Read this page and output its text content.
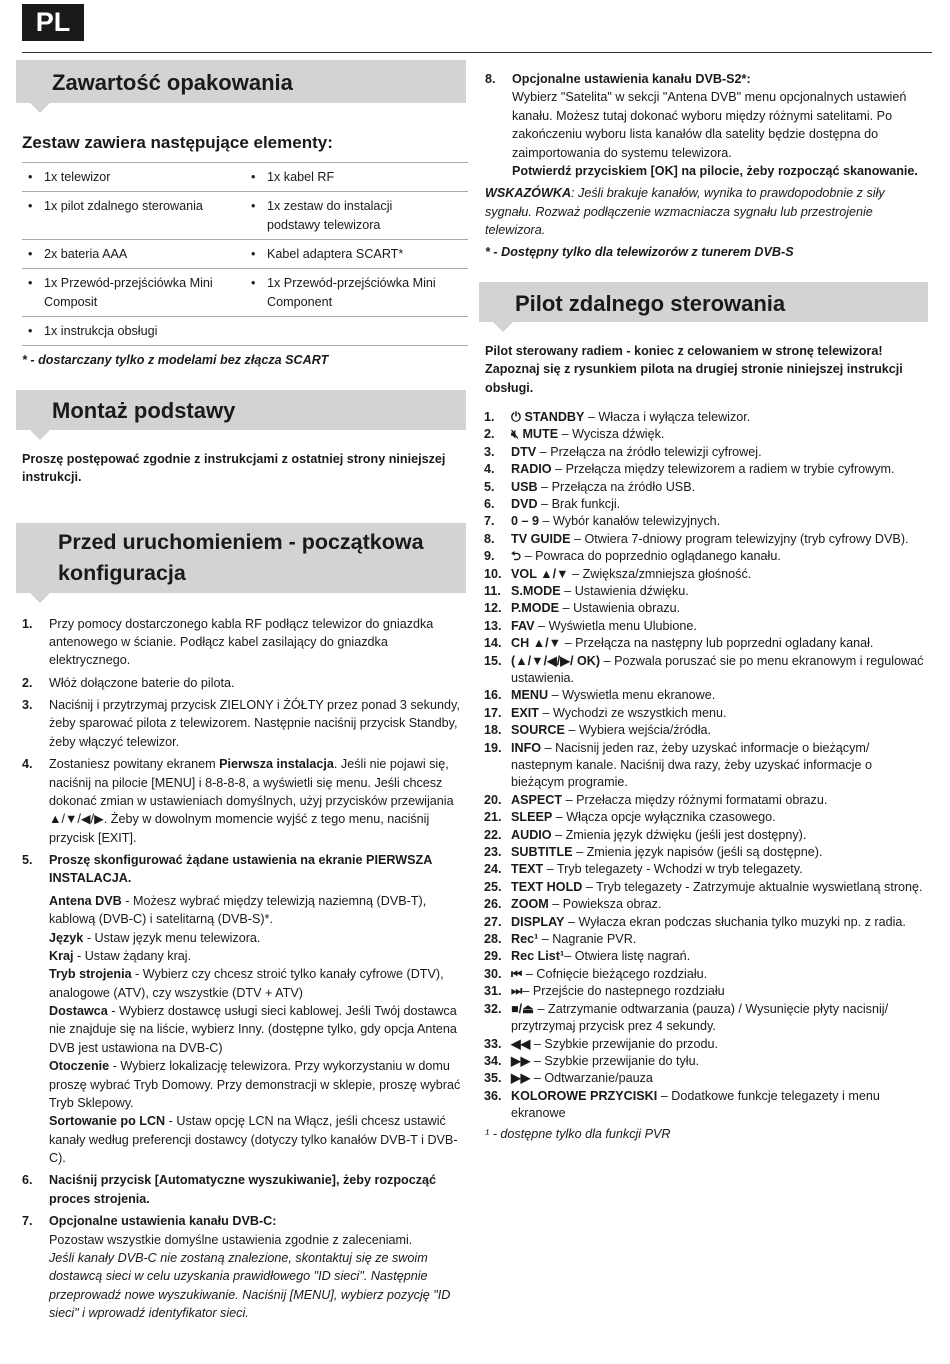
PL
Zawartość opakowania
Zestaw zawiera następujące elementy:
• 1x telewizor	• 1x kabel RF
• 1x pilot zdalnego sterowania	• 1x zestaw do instalacji podstawy telewizora
• 2x bateria AAA	• Kabel adaptera SCART*
• 1x Przewód-przejściówka Mini Composit	• 1x Przewód-przejściówka Mini Component
• 1x instrukcja obsługi	
* - dostarczany tylko z modelami bez złącza SCART
Montaż podstawy
Proszę postępować zgodnie z instrukcjami z ostatniej strony niniejszej instrukcji.
Przed uruchomieniem - początkowa
konfiguracja
1.	Przy pomocy dostarczonego kabla RF podłącz telewizor do gniazdka antenowego w ścianie. Podłącz kabel zasilający do gniazdka elektrycznego.
2.	Włóż dołączone baterie do pilota.
3.	Naciśnij i przytrzymaj przycisk ZIELONY i ŻÓŁTY przez ponad 3 sekundy, żeby sparować pilota z telewizorem. Następnie naciśnij przycisk Standby, żeby włączyć telewizor.
4.	Zostaniesz powitany ekranem Pierwsza instalacja. Jeśli nie pojawi się, naciśnij na pilocie [MENU] i 8-8-8-8, a wyświetli się menu. Jeśli chcesz dokonać zmian w ustawieniach domyślnych, użyj przycisków przewijania ▲/▼/◀/▶. Żeby w dowolnym momencie wyjść z tego menu, naciśnij przycisk [EXIT].
5.	Proszę skonfigurować żądane ustawienia na ekranie PIERWSZA INSTALACJA.
Antena DVB - Możesz wybrać między telewizją naziemną (DVB-T), kablową (DVB-C) i satelitarną (DVB-S)*.
Język - Ustaw język menu telewizora.
Kraj - Ustaw żądany kraj.
Tryb strojenia - Wybierz czy chcesz stroić tylko kanały cyfrowe (DTV), analogowe (ATV), czy wszystkie (DTV + ATV)
Dostawca - Wybierz dostawcę usługi sieci kablowej. Jeśli Twój dostawca nie znajduje się na liście, wybierz Inny. (dostępne tylko, gdy opcja Antena DVB jest ustawiona na DVB-C)
Otoczenie - Wybierz lokalizację telewizora. Przy wykorzystaniu w domu proszę wybrać Tryb Domowy. Przy demonstracji w sklepie, proszę wybrać Tryb Sklepowy.
Sortowanie po LCN - Ustaw opcję LCN na Włącz, jeśli chcesz ustawić kanały według preferencji dostawcy (dotyczy tylko kanałów DVB-T i DVB-C).
6.	Naciśnij przycisk [Automatyczne wyszukiwanie], żeby rozpocząć proces strojenia.
7.	Opcjonalne ustawienia kanału DVB-C:
Pozostaw wszystkie domyślne ustawienia zgodnie z zaleceniami.
Jeśli kanały DVB-C nie zostaną znalezione, skontaktuj się ze swoim dostawcą sieci w celu uzyskania prawidłowego "ID sieci". Następnie przeprowadź nowe wyszukiwanie. Naciśnij [MENU], wybierz pozycję "ID sieci" i wprowadź identyfikator sieci.
8.	Opcjonalne ustawienia kanału DVB-S2*:
Wybierz "Satelita" w sekcji "Antena DVB" menu opcjonalnych ustawień kanału. Możesz tutaj dokonać wyboru między różnymi satelitami. Po zakończeniu wyboru lista kanałów dla satelity będzie dostępna do zaimportowania do systemu telewizora.
Potwierdź przyciskiem [OK] na pilocie, żeby rozpocząć skanowanie.
WSKAZÓWKA: Jeśli brakuje kanałów, wynika to prawdopodobnie z siły sygnału. Rozważ podłączenie wzmacniacza sygnału lub przestrojenie telewizora.
* - Dostępny tylko dla telewizorów z tunerem DVB-S
Pilot zdalnego sterowania
Pilot sterowany radiem - koniec z celowaniem w stronę telewizora! Zapoznaj się z rysunkiem pilota na drugiej stronie niniejszej instrukcji obsługi.
1.	⏻ STANDBY – Włacza i wyłącza telewizor.
2.	🔇︎ MUTE – Wycisza dźwięk.
3.	DTV – Przełącza na źródło telewizji cyfrowej.
4.	RADIO – Przełącza między telewizorem a radiem w trybie cyfrowym.
5.	USB – Przełącza na źródło USB.
6.	DVD – Brak funkcji.
7.	0 – 9 – Wybór kanałów telewizyjnych.
8.	TV GUIDE – Otwiera 7-dniowy program telewizyjny (tryb cyfrowy DVB).
9.	⮌ – Powraca do poprzednio oglądanego kanału.
10. VOL ▲/▼ – Zwiększa/zmniejsza głośność.
11. S.MODE – Ustawienia dźwięku.
12. P.MODE – Ustawienia obrazu.
13. FAV – Wyświetla menu Ulubione.
14. CH ▲/▼ – Przełącza na następny lub poprzedni ogladany kanał.
15. (▲/▼/◀/▶/ OK) – Pozwala poruszać sie po menu ekranowym i regulować ustawienia.
16. MENU – Wyswietla menu ekranowe.
17. EXIT – Wychodzi ze wszystkich menu.
18. SOURCE – Wybiera wejścia/źródła.
19. INFO – Nacisnij jeden raz, żeby uzyskać informacje o bieżącym/ nastepnym kanale. Naciśnij dwa razy, żeby uzyskać informacje o bieżącym programie.
20. ASPECT – Przełacza między różnymi formatami obrazu.
21. SLEEP – Włącza opcje wyłącznika czasowego.
22. AUDIO – Zmienia język dźwięku (jeśli jest dostępny).
23. SUBTITLE – Zmienia język napisów (jeśli są dostępne).
24. TEXT – Tryb telegazety - Wchodzi w tryb telegazety.
25. TEXT HOLD – Tryb telegazety - Zatrzymuje aktualnie wyswietlaną stronę.
26. ZOOM – Powieksza obraz.
27. DISPLAY – Wyłacza ekran podczas słuchania tylko muzyki np. z radia.
28. Rec¹ – Nagranie PVR.
29. Rec List¹– Otwiera listę nagrań.
30. ⏮ – Cofnięcie bieżącego rozdziału.
31. ⏭– Przejście do nastepnego rozdziału
32. ■/⏏ – Zatrzymanie odtwarzania (pauza) / Wysunięcie płyty nacisnij/ przytrzymaj przycisk prez 4 sekundy.
33. ◀◀ – Szybkie przewijanie do przodu.
34. ▶▶ – Szybkie przewijanie do tyłu.
35. ▶▶ – Odtwarzanie/pauza
36. KOLOROWE PRZYCISKI – Dodatkowe funkcje telegazety i menu ekranowe
¹ - dostępne tylko dla funkcji PVR
